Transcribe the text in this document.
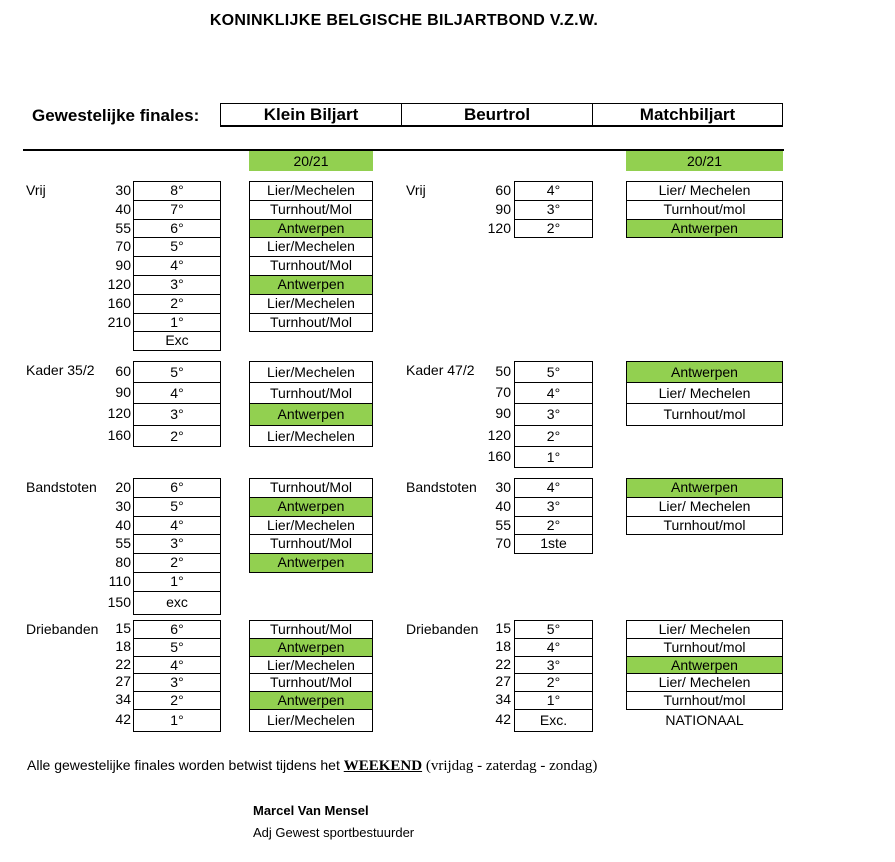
KONINKLIJKE BELGISCHE BILJARTBOND V.Z.W.
Gewestelijke finales:	Klein Biljart	Beurtrol	Matchbiljart
20/21	20/21
Vrij	30	8°	Lier/Mechelen
40	7°	Turnhout/Mol
55	6°	Antwerpen
70	5°	Lier/Mechelen
90	4°	Turnhout/Mol
120	3°	Antwerpen
160	2°	Lier/Mechelen
210	1°	Turnhout/Mol
Exc
Kader 35/2	60	5°	Lier/Mechelen
90	4°	Turnhout/Mol
120	3°	Antwerpen
160	2°	Lier/Mechelen
Bandstoten	20	6°	Turnhout/Mol
30	5°	Antwerpen
40	4°	Lier/Mechelen
55	3°	Turnhout/Mol
80	2°	Antwerpen
110	1°
150	exc
Driebanden	15	6°	Turnhout/Mol
18	5°	Antwerpen
22	4°	Lier/Mechelen
27	3°	Turnhout/Mol
34	2°	Antwerpen
42	1°	Lier/Mechelen
Vrij	60	4°	Lier/ Mechelen
90	3°	Turnhout/mol
120	2°	Antwerpen
Kader 47/2	50	5°	Antwerpen
70	4°	Lier/ Mechelen
90	3°	Turnhout/mol
120	2°
160	1°
Bandstoten	30	4°	Antwerpen
40	3°	Lier/ Mechelen
55	2°	Turnhout/mol
70	1ste
Driebanden	15	5°	Lier/ Mechelen
18	4°	Turnhout/mol
22	3°	Antwerpen
27	2°	Lier/ Mechelen
34	1°	Turnhout/mol
42	Exc.	NATIONAAL
Alle gewestelijke finales worden betwist tijdens het WEEKEND (vrijdag - zaterdag - zondag)
Marcel Van Mensel
Adj Gewest sportbestuurder
